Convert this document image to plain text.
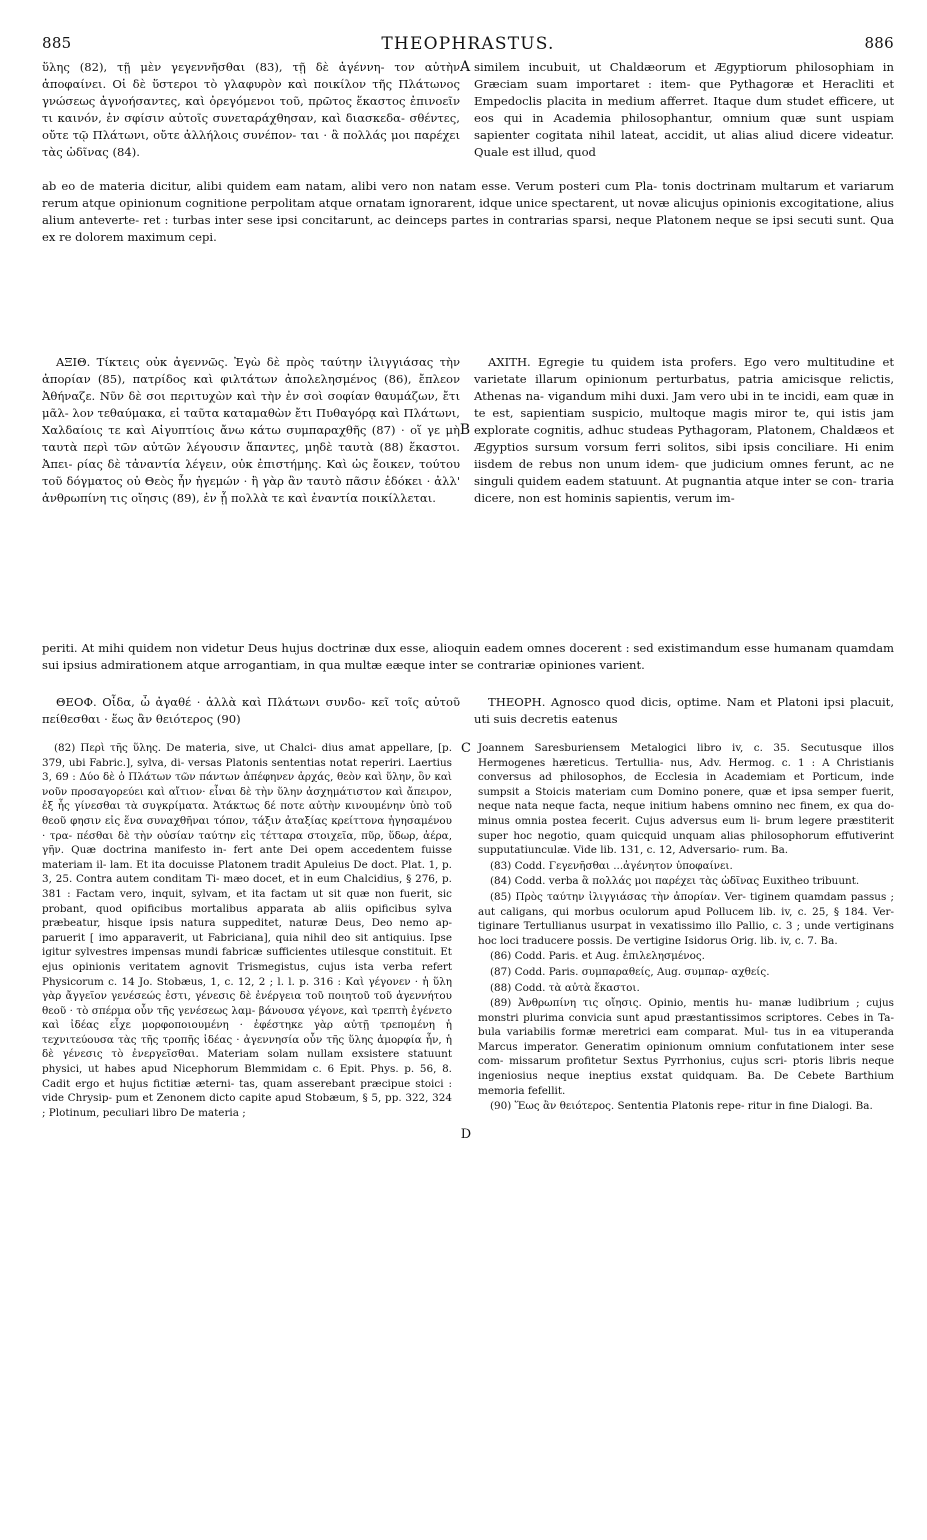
885	THEOPHRASTUS.	886

ὕλης (82), τῇ μὲν γεγεννῆσθαι (83), τῇ δὲ ἀγέννη- τον αὐτὴν ἀποφαίνει. Οἱ δὲ ὕστεροι τὸ γλαφυρὸν καὶ ποικίλον τῆς Πλάτωνος γνώσεως ἀγνοήσαντες, καὶ ὀρεγόμενοι τοῦ, πρῶτος ἕκαστος ἐπινοεῖν τι καινόν, ἐν σφίσιν αὐτοῖς συνεταράχθησαν, καὶ διασκεδα- σθέντες, οὔτε τῷ Πλάτωνι, οὔτε ἀλλήλοις συνέπον- ται · ἃ πολλάς μοι παρέχει τὰς ὠδῖνας (84).

A similem incubuit, ut Chaldæorum et Ægyptiorum philosophiam in Græciam suam importaret : item- que Pythagoræ et Heracliti et Empedoclis placita in medium afferret. Itaque dum studet efficere, ut eos qui in Academia philosophantur, omnium quæ sunt uspiam sapienter cogitata nihil lateat, accidit, ut alias aliud dicere videatur. Quale est illud, quod

ab eo de materia dicitur, alibi quidem eam natam, alibi vero non natam esse. Verum posteri cum Pla- tonis doctrinam multarum et variarum rerum atque opinionum cognitione perpolitam atque ornatam ignorarent, idque unice spectarent, ut novæ alicujus opinionis excogitatione, alius alium anteverte- ret : turbas inter sese ipsi concitarunt, ac deinceps partes in contrarias sparsi, neque Platonem neque se ipsi secuti sunt. Qua ex re dolorem maximum cepi.

ΑΞΙΘ. Τίκτεις οὐκ ἀγεννῶς. Ἐγὼ δὲ πρὸς ταύτην ἰλιγγιάσας τὴν ἀπορίαν (85), πατρίδος καὶ φιλτάτων ἀπολελησμένος (86), ἔπλεον Ἀθήναζε. Νῦν δὲ σοι περιτυχὼν καὶ τὴν ἐν σοὶ σοφίαν θαυμάζων, ἔτι μᾶλ- λον τεθαύμακα, εἰ ταῦτα καταμαθὼν ἔτι Πυθαγόρᾳ καὶ Πλάτωνι, Χαλδαίοις τε καὶ Αἰγυπτίοις ἄνω κάτω συμπαραχθῆς (87) · οἵ γε μὴ ταυτὰ περὶ τῶν αὐτῶν λέγουσιν ἅπαντες, μηδὲ ταυτὰ (88) ἕκαστοι. Ἀπει- ρίας δὲ τἀναντία λέγειν, οὐκ ἐπιστήμης. Καὶ ὡς ἔοικεν, τούτου τοῦ δόγματος οὐ Θεὸς ἦν ἡγεμών · ἢ γὰρ ἂν ταυτὸ πᾶσιν ἐδόκει · ἀλλ' ἀνθρωπίνη τις οἴησις (89), ἐν ᾗ πολλὰ τε καὶ ἐναντία ποικίλλεται.

B

AXITH. Egregie tu quidem ista profers. Ego vero multitudine et varietate illarum opinionum perturbatus, patria amicisque relictis, Athenas na- vigandum mihi duxi. Jam vero ubi in te incidi, eam quæ in te est, sapientiam suspicio, multoque magis miror te, qui istis jam explorate cognitis, adhuc studeas Pythagoram, Platonem, Chaldæos et Ægyptios sursum vorsum ferri solitos, sibi ipsis conciliare. Hi enim iisdem de rebus non unum idem- que judicium omnes ferunt, ac ne singuli quidem eadem statuunt. At pugnantia atque inter se con- traria dicere, non est hominis sapientis, verum im-

periti. At mihi quidem non videtur Deus hujus doctrinæ dux esse, alioquin eadem omnes docerent : sed existimandum esse humanam quamdam sui ipsius admirationem atque arrogantiam, in qua multæ eæque inter se contrariæ opiniones varient.

ΘΕΟΦ. Οἶδα, ὦ ἀγαθέ · ἀλλὰ καὶ Πλάτωνι συνδο- κεῖ τοῖς αὐτοῦ πείθεσθαι · ἕως ἂν θειότερος (90)

THEOPH. Agnosco quod dicis, optime. Nam et Platoni ipsi placuit, uti suis decretis eatenus

(82) Περὶ τῆς ὕλης. De materia, sive, ut Chalci- dius amat appellare, [p. 379, ubi Fabric.], sylva, di- versas Platonis sententias notat reperiri. Laertius 3, 69 : Δύο δὲ ὁ Πλάτων τῶν πάντων ἀπέφηνεν ἀρχάς, θεὸν καὶ ὕλην, ὃν καὶ νοῦν προσαγορεύει καὶ αἴτιον· εἶναι δὲ τὴν ὕλην ἀσχημάτιστον καὶ ἄπειρον, ἐξ ἧς γίνεσθαι τὰ συγκρίματα. Ἀτάκτως δέ ποτε αὐτὴν κινουμένην ὑπὸ τοῦ θεοῦ φησιν εἰς ἕνα συναχθῆναι τόπον, τάξιν ἀταξίας κρείττονα ἡγησαμένου · τρα- πέσθαι δὲ τὴν οὐσίαν ταύτην εἰς τέτταρα στοιχεῖα, πῦρ, ὕδωρ, ἀέρα, γῆν. Quæ doctrina manifesto in- fert ante Dei opem accedentem fuisse materiam il- lam. Et ita docuisse Platonem tradit Apuleius De doct. Plat. 1, p. 3, 25. Contra autem conditam Ti- mæo docet, et in eum Chalcidius, § 276, p. 381 : Factam vero, inquit, sylvam, et ita factam ut sit quæ non fuerit, sic probant, quod opificibus mortalibus apparata ab aliis opificibus sylva præbeatur, hisque ipsis natura suppeditet, naturæ Deus, Deo nemo ap- paruerit [ imo apparaverit, ut Fabriciana], quia nihil deo sit antiquius. Ipse igitur sylvestres impensas mundi fabricæ sufficientes utilesque constituit. Et ejus opinionis veritatem agnovit Trismegistus, cujus ista verba refert Physicorum c. 14 Jo. Stobæus, 1, c. 12, 2 ; l. l. p. 316 : Καὶ γέγονεν · ἡ ὕλη γὰρ ἄγγεῖον γενέσεώς ἐστι, γένεσις δὲ ἐνέργεια τοῦ ποιητοῦ τοῦ ἀγεννήτου θεοῦ · τὸ σπέρμα οὖν τῆς γενέσεως λαμ- βάνουσα γέγονε, καὶ τρεπτὴ ἐγένετο καὶ ἰδέας εἶχε μορφοποιουμένη · ἐφέστηκε γὰρ αὐτῇ τρεπομένη ἡ τεχνιτεύουσα τὰς τῆς τροπῆς ἰδέας · ἀγεννησία οὖν τῆς ὕλης ἀμορφία ἦν, ἡ δὲ γένεσις τὸ ἐνεργεῖσθαι. Materiam solam nullam exsistere statuunt physici, ut habes apud Nicephorum Blemmidam c. 6 Epit. Phys. p. 56, 8. Cadit ergo et hujus fictitiæ æterni- tas, quam asserebant præcipue stoici : vide Chrysip- pum et Zenonem dicto capite apud Stobæum, § 5, pp. 322, 324 ; Plotinum, peculiari libro De materia ;

C
D

Joannem Saresburiensem Metalogici libro iv, c. 35. Secutusque illos Hermogenes hæreticus. Tertullia- nus, Adv. Hermog. c. 1 : A Christianis conversus ad philosophos, de Ecclesia in Academiam et Porticum, inde sumpsit a Stoicis materiam cum Domino ponere, quæ et ipsa semper fuerit, neque nata neque facta, neque initium habens omnino nec finem, ex qua do- minus omnia postea fecerit. Cujus adversus eum li- brum legere præstiterit super hoc negotio, quam quicquid unquam alias philosophorum effutiverint supputatiunculæ. Vide lib. 131, c. 12, Adversario- rum. Ba.

(83) Codd. Γεγενῆσθαι ...ἀγένητον ὑποφαίνει.

(84) Codd. verba ἃ πολλάς μοι παρέχει τὰς ὠδῖνας Euxitheo tribuunt.

(85) Πρὸς ταύτην ἰλιγγιάσας τὴν ἀπορίαν. Ver- tiginem quamdam passus ; aut caligans, qui morbus oculorum apud Pollucem lib. iv, c. 25, § 184. Ver- tiginare Tertullianus usurpat in vexatissimo illo Pallio, c. 3 ; unde vertiginans hoc loci traducere possis. De vertigine Isidorus Orig. lib. iv, c. 7. Ba.

(86) Codd. Paris. et Aug. ἐπιλελησμένος.

(87) Codd. Paris. συμπαραθείς, Aug. συμπαρ- αχθείς.

(88) Codd. τὰ αὐτὰ ἕκαστοι.

(89) Ἀνθρωπίνη τις οἴησις. Opinio, mentis hu- manæ ludibrium ; cujus monstri plurima convicia sunt apud præstantissimos scriptores. Cebes in Ta- bula variabilis formæ meretrici eam comparat. Mul- tus in ea vituperanda Marcus imperator. Generatim opinionum omnium confutationem inter sese com- missarum profitetur Sextus Pyrrhonius, cujus scri- ptoris libris neque ingeniosius neque ineptius exstat quidquam. Ba. De Cebete Barthium memoria fefellit.

(90) Ἕως ἂν θειότερος. Sententia Platonis repe- ritur in fine Dialogi. Ba.
